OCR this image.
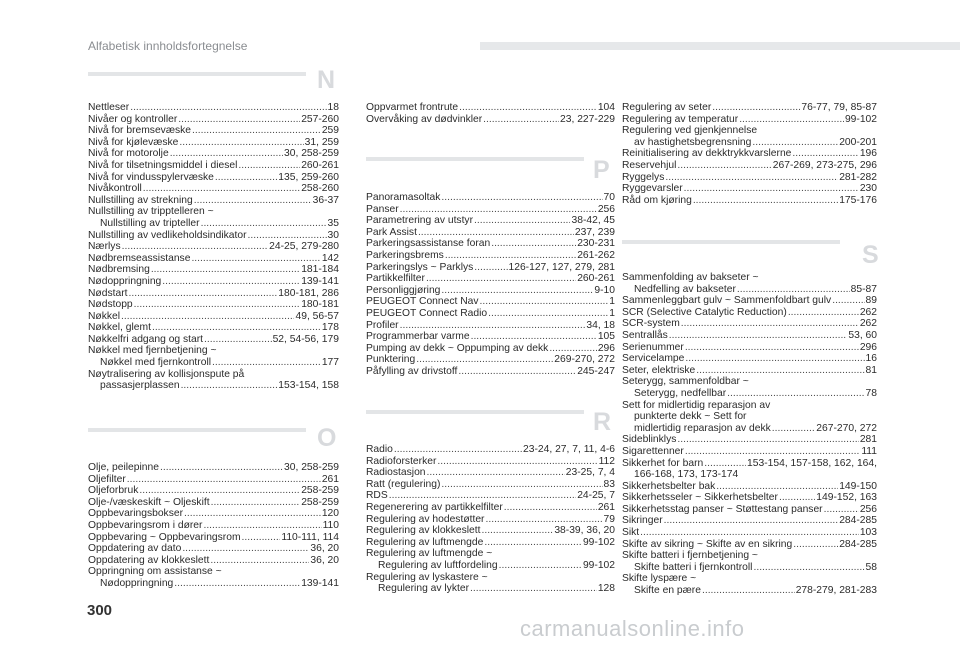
Alfabetisk innholdsfortegnelse
N
Nettleser .....	18
Nivåer og kontroller .....	257-260
Nivå for bremsevæske .....	259
Nivå for kjølevæske .....	31, 259
Nivå for motorolje .....	30, 258-259
Nivå for tilsetningsmiddel i diesel .....	260-261
Nivå for vindusspylervæske .....	135, 259-260
Nivåkontroll .....	258-260
Nullstilling av strekning .....	36-37
Nullstilling av tripptelleren ~
Nullstilling av tripteller .....	35
Nullstilling av vedlikeholdsindikator .....	30
Nærlys .....	24-25, 279-280
Nødbremseassistanse .....	142
Nødbremsing .....	181-184
Nødoppringning .....	139-141
Nødstart .....	180-181, 286
Nødstopp .....	180-181
Nøkkel .....	49, 56-57
Nøkkel, glemt .....	178
Nøkkelfri adgang og start .....	52, 54-56, 179
Nøkkel med fjernbetjening ~
Nøkkel med fjernkontroll .....	177
Nøytralisering av kollisjonspute på
passasjerplassen .....	153-154, 158
O
Olje, peilepinne .....	30, 258-259
Oljefilter .....	261
Oljeforbruk .....	258-259
Olje-/væskeskift ~ Oljeskift .....	258-259
Oppbevaringsbokser .....	120
Oppbevaringsrom i dører .....	110
Oppbevaring ~ Oppbevaringsrom .....	110-111, 114
Oppdatering av dato .....	36, 20
Oppdatering av klokkeslett .....	36, 20
Oppringning om assistanse ~
Nødoppringning .....	139-141
Oppvarmet frontrute .....	104
Overvåking av dødvinkler .....	23, 227-229
P
Panoramasoltak .....	70
Panser .....	256
Parametrering av utstyr .....	38-42, 45
Park Assist .....	237, 239
Parkeringsassistanse foran .....	230-231
Parkeringsbrems .....	261-262
Parkeringslys ~ Parklys .....	126-127, 127, 279, 281
Partikkelfilter .....	260-261
Personliggjøring .....	9-10
PEUGEOT Connect Nav .....	1
PEUGEOT Connect Radio .....	1
Profiler .....	34, 18
Programmerbar varme .....	105
Pumping av dekk ~ Oppumping av dekk .....	296
Punktering .....	269-270, 272
Påfylling av drivstoff .....	245-247
R
Radio .....	23-24, 27, 7, 11, 4-6
Radioforsterker .....	112
Radiostasjon .....	23-25, 7, 4
Ratt (regulering) .....	83
RDS .....	24-25, 7
Regenerering av partikkelfilter .....	261
Regulering av hodestøtter .....	79
Regulering av klokkeslett .....	38-39, 36, 20
Regulering av luftmengde .....	99-102
Regulering av luftmengde ~
Regulering av luftfordeling .....	99-102
Regulering av lyskastere ~
Regulering av lykter .....	128
Regulering av seter .....	76-77, 79, 85-87
Regulering av temperatur .....	99-102
Regulering ved gjenkjennelse
av hastighetsbegrensning .....	200-201
Reinitialisering av dekktrykkvarslerne .....	196
Reservehjul .....	267-269, 273-275, 296
Ryggelys .....	281-282
Ryggevarsler .....	230
Råd om kjøring .....	175-176
S
Sammenfolding av bakseter ~
Nedfelling av bakseter .....	85-87
Sammenleggbart gulv ~ Sammenfoldbart gulv .....	89
SCR (Selective Catalytic Reduction) .....	262
SCR-system .....	262
Sentrallås .....	53, 60
Serienummer .....	296
Servicelampe .....	16
Seter, elektriske .....	81
Seterygg, sammenfoldbar ~
Seterygg, nedfellbar .....	78
Sett for midlertidig reparasjon av
punkterte dekk ~ Sett for
midlertidig reparasjon av dekk .....	267-270, 272
Sideblinklys .....	281
Sigarettenner .....	111
Sikkerhet for barn .....	153-154, 157-158, 162, 164,
166-168, 173, 173-174
Sikkerhetsbelter bak .....	149-150
Sikkerhetsseler ~ Sikkerhetsbelter .....	149-152, 163
Sikkerhetsstag panser ~ Støttestang panser .....	256
Sikringer .....	284-285
Sikt .....	103
Skifte av sikring ~ Skifte av en sikring .....	284-285
Skifte batteri i fjernbetjening ~
Skifte batteri i fjernkontroll .....	58
Skifte lyspære ~
Skifte en pære .....	278-279, 281-283
300
carmanualsonline.info
